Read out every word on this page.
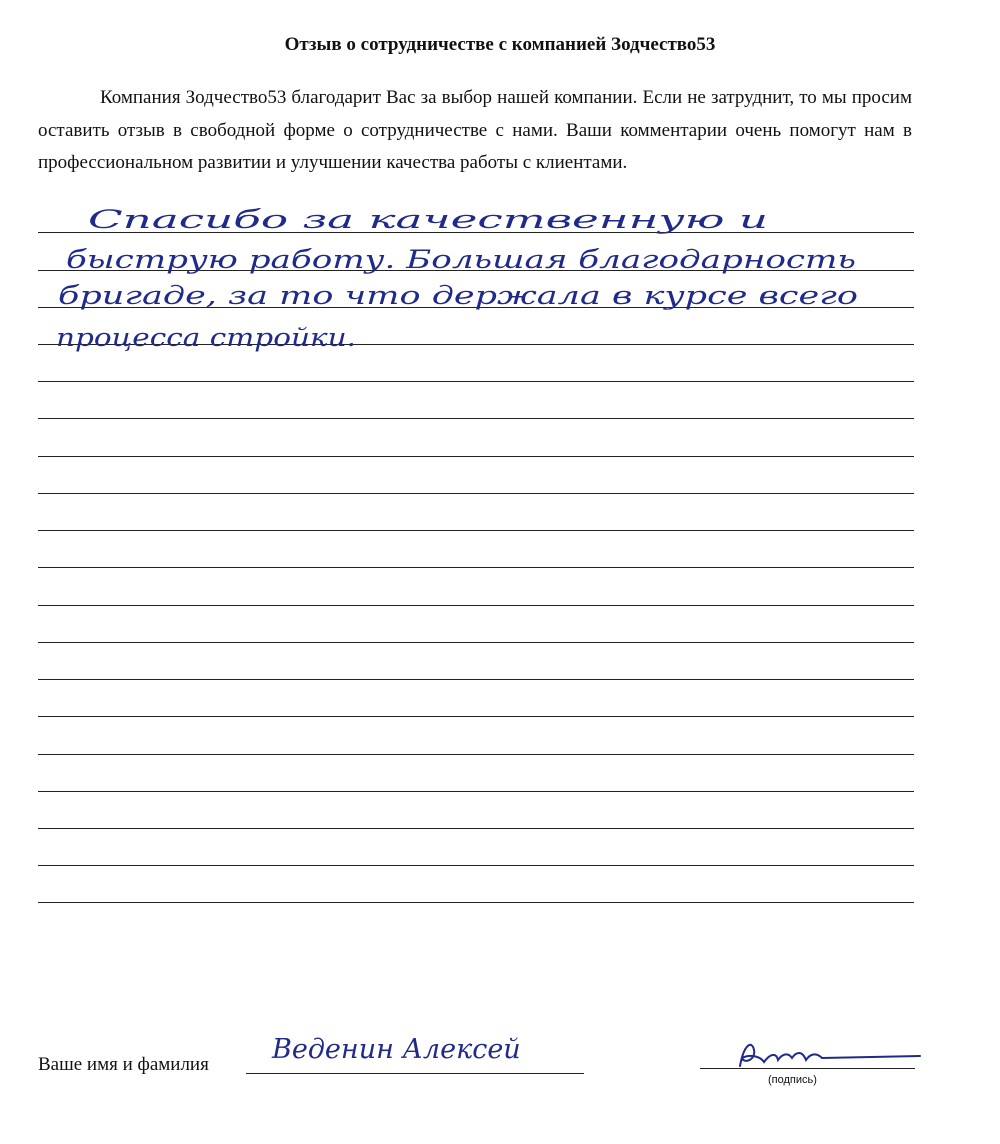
Отзыв о сотрудничестве с компанией Зодчество53
Компания Зодчество53 благодарит Вас за выбор нашей компании. Если не затруднит, то мы просим оставить отзыв в свободной форме о сотрудничестве с нами. Ваши комментарии очень помогут нам в профессиональном развитии и улучшении качества работы с клиентами.
Спасибо за качественную и
быструю работу. Большая благодарность
бригаде, за то что держала в курсе всего
процесса стройки.
Ваше имя и фамилия Веденин Алексей
(подпись)
